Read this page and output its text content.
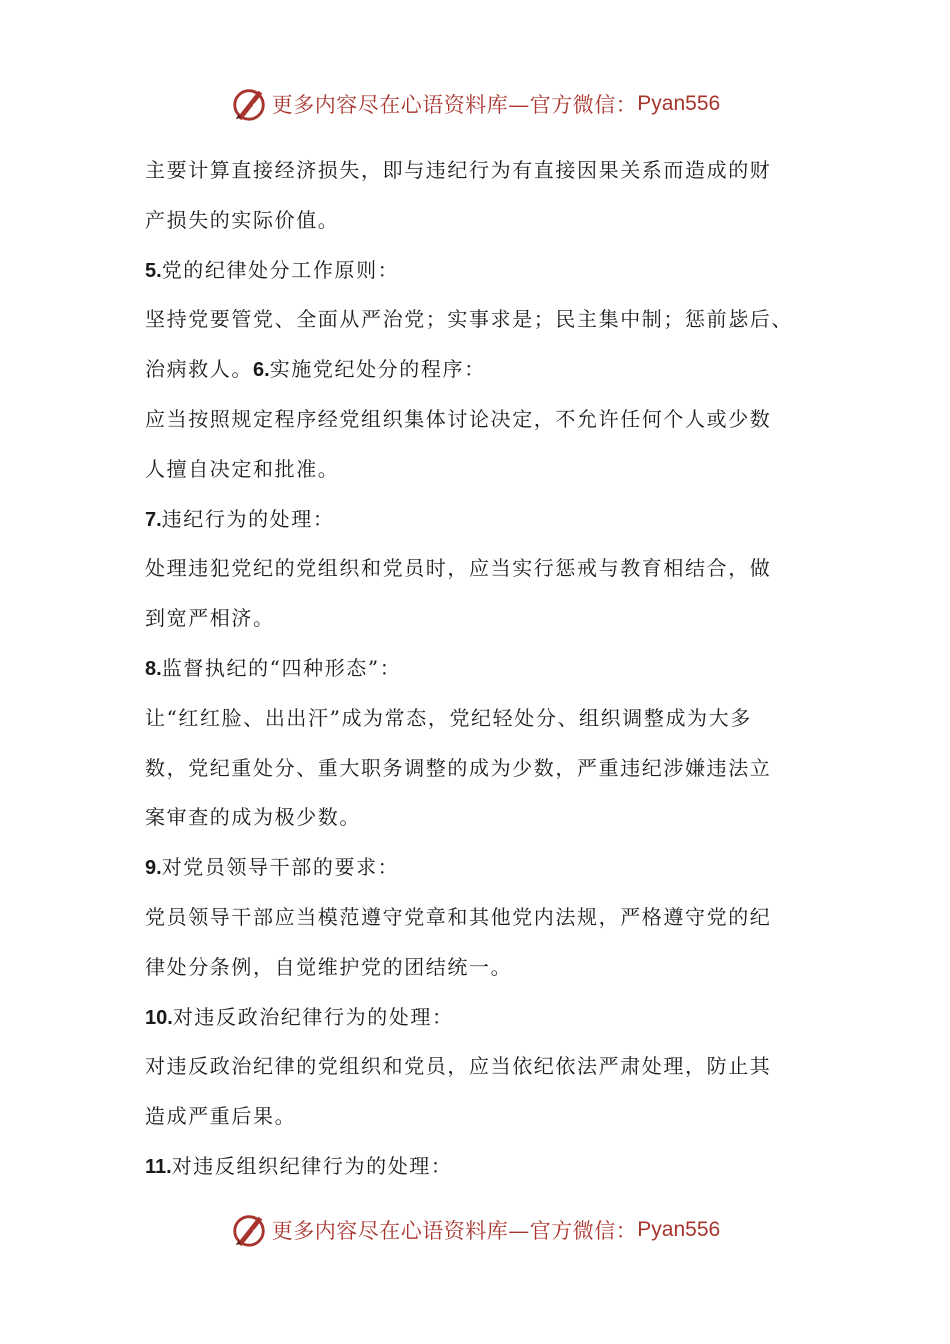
更多内容尽在心语资料库—官方微信： Pyan556
主要计算直接经济损失，即与违纪行为有直接因果关系而造成的财
产损失的实际价值。
5.党的纪律处分工作原则：
坚持党要管党、全面从严治党；实事求是；民主集中制；惩前毖后、
治病救人。6.实施党纪处分的程序：
应当按照规定程序经党组织集体讨论决定，不允许任何个人或少数
人擅自决定和批准。
7.违纪行为的处理：
处理违犯党纪的党组织和党员时，应当实行惩戒与教育相结合，做
到宽严相济。
8.监督执纪的“四种形态”：
让“红红脸、出出汗”成为常态，党纪轻处分、组织调整成为大多
数，党纪重处分、重大职务调整的成为少数，严重违纪涉嫌违法立
案审查的成为极少数。
9.对党员领导干部的要求：
党员领导干部应当模范遵守党章和其他党内法规，严格遵守党的纪
律处分条例，自觉维护党的团结统一。
10.对违反政治纪律行为的处理：
对违反政治纪律的党组织和党员，应当依纪依法严肃处理，防止其
造成严重后果。
11.对违反组织纪律行为的处理：
更多内容尽在心语资料库—官方微信： Pyan556
